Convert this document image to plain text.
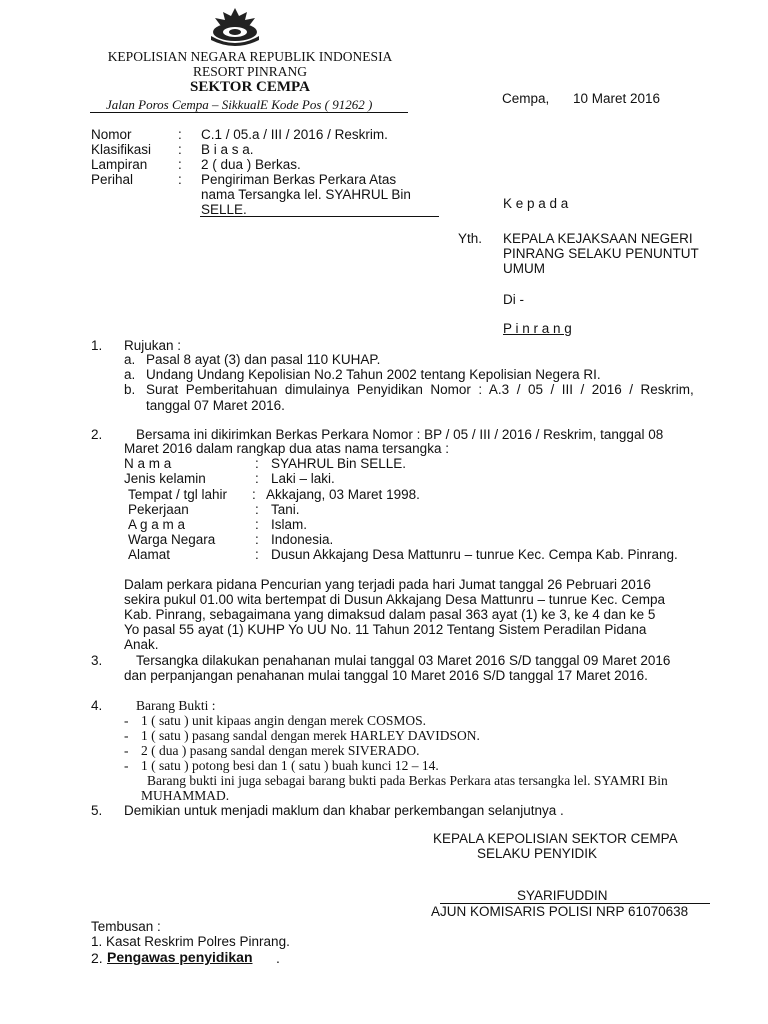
KEPOLISIAN NEGARA REPUBLIK INDONESIA
RESORT PINRANG
SEKTOR CEMPA
Jalan Poros Cempa – SikkualE Kode Pos ( 91262 )	Cempa, 10 Maret 2016
Nomor	: C.1 / 05.a / III / 2016 / Reskrim.
Klasifikasi : B i a s a.
Lampiran : 2 ( dua ) Berkas.
Perihal	: Pengiriman Berkas Perkara Atas
nama Tersangka lel. SYAHRUL Bin
SELLE.	K e p a d a
Yth. KEPALA KEJAKSAAN NEGERI
PINRANG SELAKU PENUNTUT
UMUM
Di -
P i n r a n g
1. Rujukan :
a. Pasal 8 ayat (3) dan pasal 110 KUHAP.
a. Undang Undang Kepolisian No.2 Tahun 2002 tentang Kepolisian Negera RI.
b. Surat  Pemberitahuan  dimulainya  Penyidikan  Nomor  :  A.3  /  05  /  III  /  2016  /  Reskrim,
tanggal 07 Maret 2016.
2. Bersama ini dikirimkan Berkas Perkara Nomor : BP / 05 / III / 2016 / Reskrim, tanggal 08
Maret 2016 dalam rangkap dua atas nama tersangka :
N a m a	: SYAHRUL Bin SELLE.
Jenis kelamin	: Laki – laki.
Tempat / tgl lahir : Akkajang, 03 Maret 1998.
Pekerjaan	: Tani.
A g a m a	: Islam.
Warga Negara	: Indonesia.
Alamat	: Dusun Akkajang Desa Mattunru – tunrue Kec. Cempa Kab. Pinrang.
Dalam perkara pidana Pencurian yang terjadi pada hari Jumat tanggal 26 Pebruari 2016
sekira pukul 01.00 wita bertempat di Dusun Akkajang Desa Mattunru – tunrue Kec. Cempa
Kab. Pinrang, sebagaimana yang dimaksud dalam pasal 363 ayat (1) ke 3, ke 4 dan ke 5
Yo pasal 55 ayat (1) KUHP Yo UU No. 11 Tahun 2012 Tentang Sistem Peradilan Pidana
Anak.
3. Tersangka dilakukan penahanan mulai tanggal 03 Maret 2016 S/D tanggal 09 Maret 2016
dan perpanjangan penahanan mulai tanggal 10 Maret 2016 S/D tanggal 17 Maret 2016.
4. Barang Bukti :
- 1 ( satu ) unit kipaas angin dengan merek COSMOS.
- 1 ( satu ) pasang sandal dengan merek HARLEY DAVIDSON.
- 2 ( dua ) pasang sandal dengan merek SIVERADO.
- 1 ( satu ) potong besi dan 1 ( satu ) buah kunci 12 – 14.
Barang bukti ini juga sebagai barang bukti pada Berkas Perkara atas tersangka lel. SYAMRI Bin
MUHAMMAD.
5. Demikian untuk menjadi maklum dan khabar perkembangan selanjutnya .
KEPALA KEPOLISIAN SEKTOR CEMPA
SELAKU PENYIDIK
SYARIFUDDIN
AJUN KOMISARIS POLISI NRP 61070638
Tembusan :
1. Kasat Reskrim Polres Pinrang.
2. Pengawas penyidikan .
